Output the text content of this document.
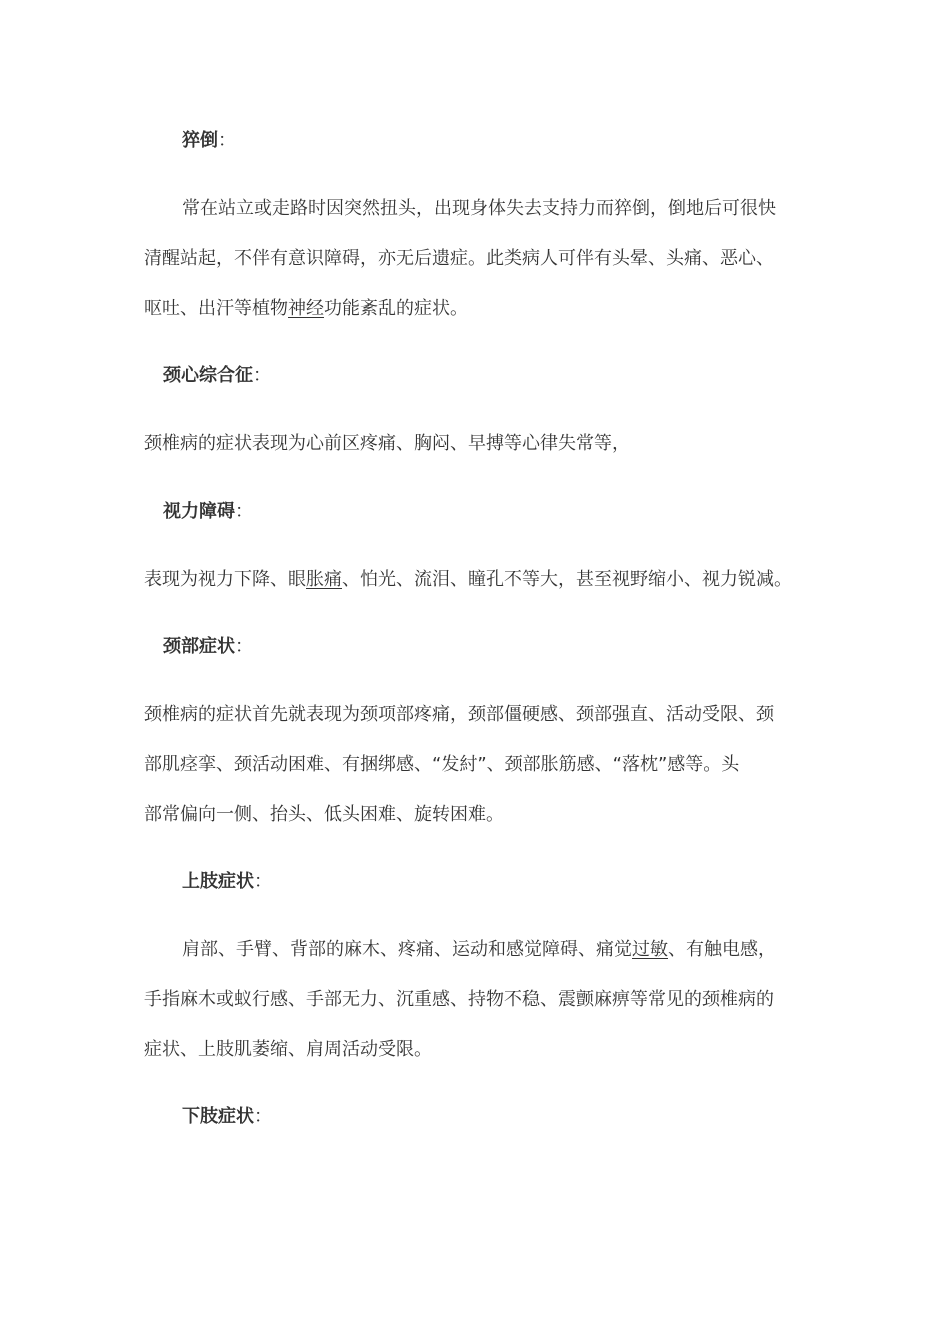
猝倒：
常在站立或走路时因突然扭头，出现身体失去支持力而猝倒，倒地后可很快
清醒站起，不伴有意识障碍，亦无后遗症。此类病人可伴有头晕、头痛、恶心、
呕吐、出汗等植物神经功能紊乱的症状。
颈心综合征：
颈椎病的症状表现为心前区疼痛、胸闷、早搏等心律失常等，
视力障碍：
表现为视力下降、眼胀痛、怕光、流泪、瞳孔不等大，甚至视野缩小、视力锐减。
颈部症状：
颈椎病的症状首先就表现为颈项部疼痛，颈部僵硬感、颈部强直、活动受限、颈
部肌痉挛、颈活动困难、有捆绑感、“发紂”、颈部胀筋感、“落枕”感等。头
部常偏向一侧、抬头、低头困难、旋转困难。
上肢症状：
肩部、手臂、背部的麻木、疼痛、运动和感觉障碍、痛觉过敏、有触电感，
手指麻木或蚁行感、手部无力、沉重感、持物不稳、震颤麻痹等常见的颈椎病的
症状、上肢肌萎缩、肩周活动受限。
下肢症状：
